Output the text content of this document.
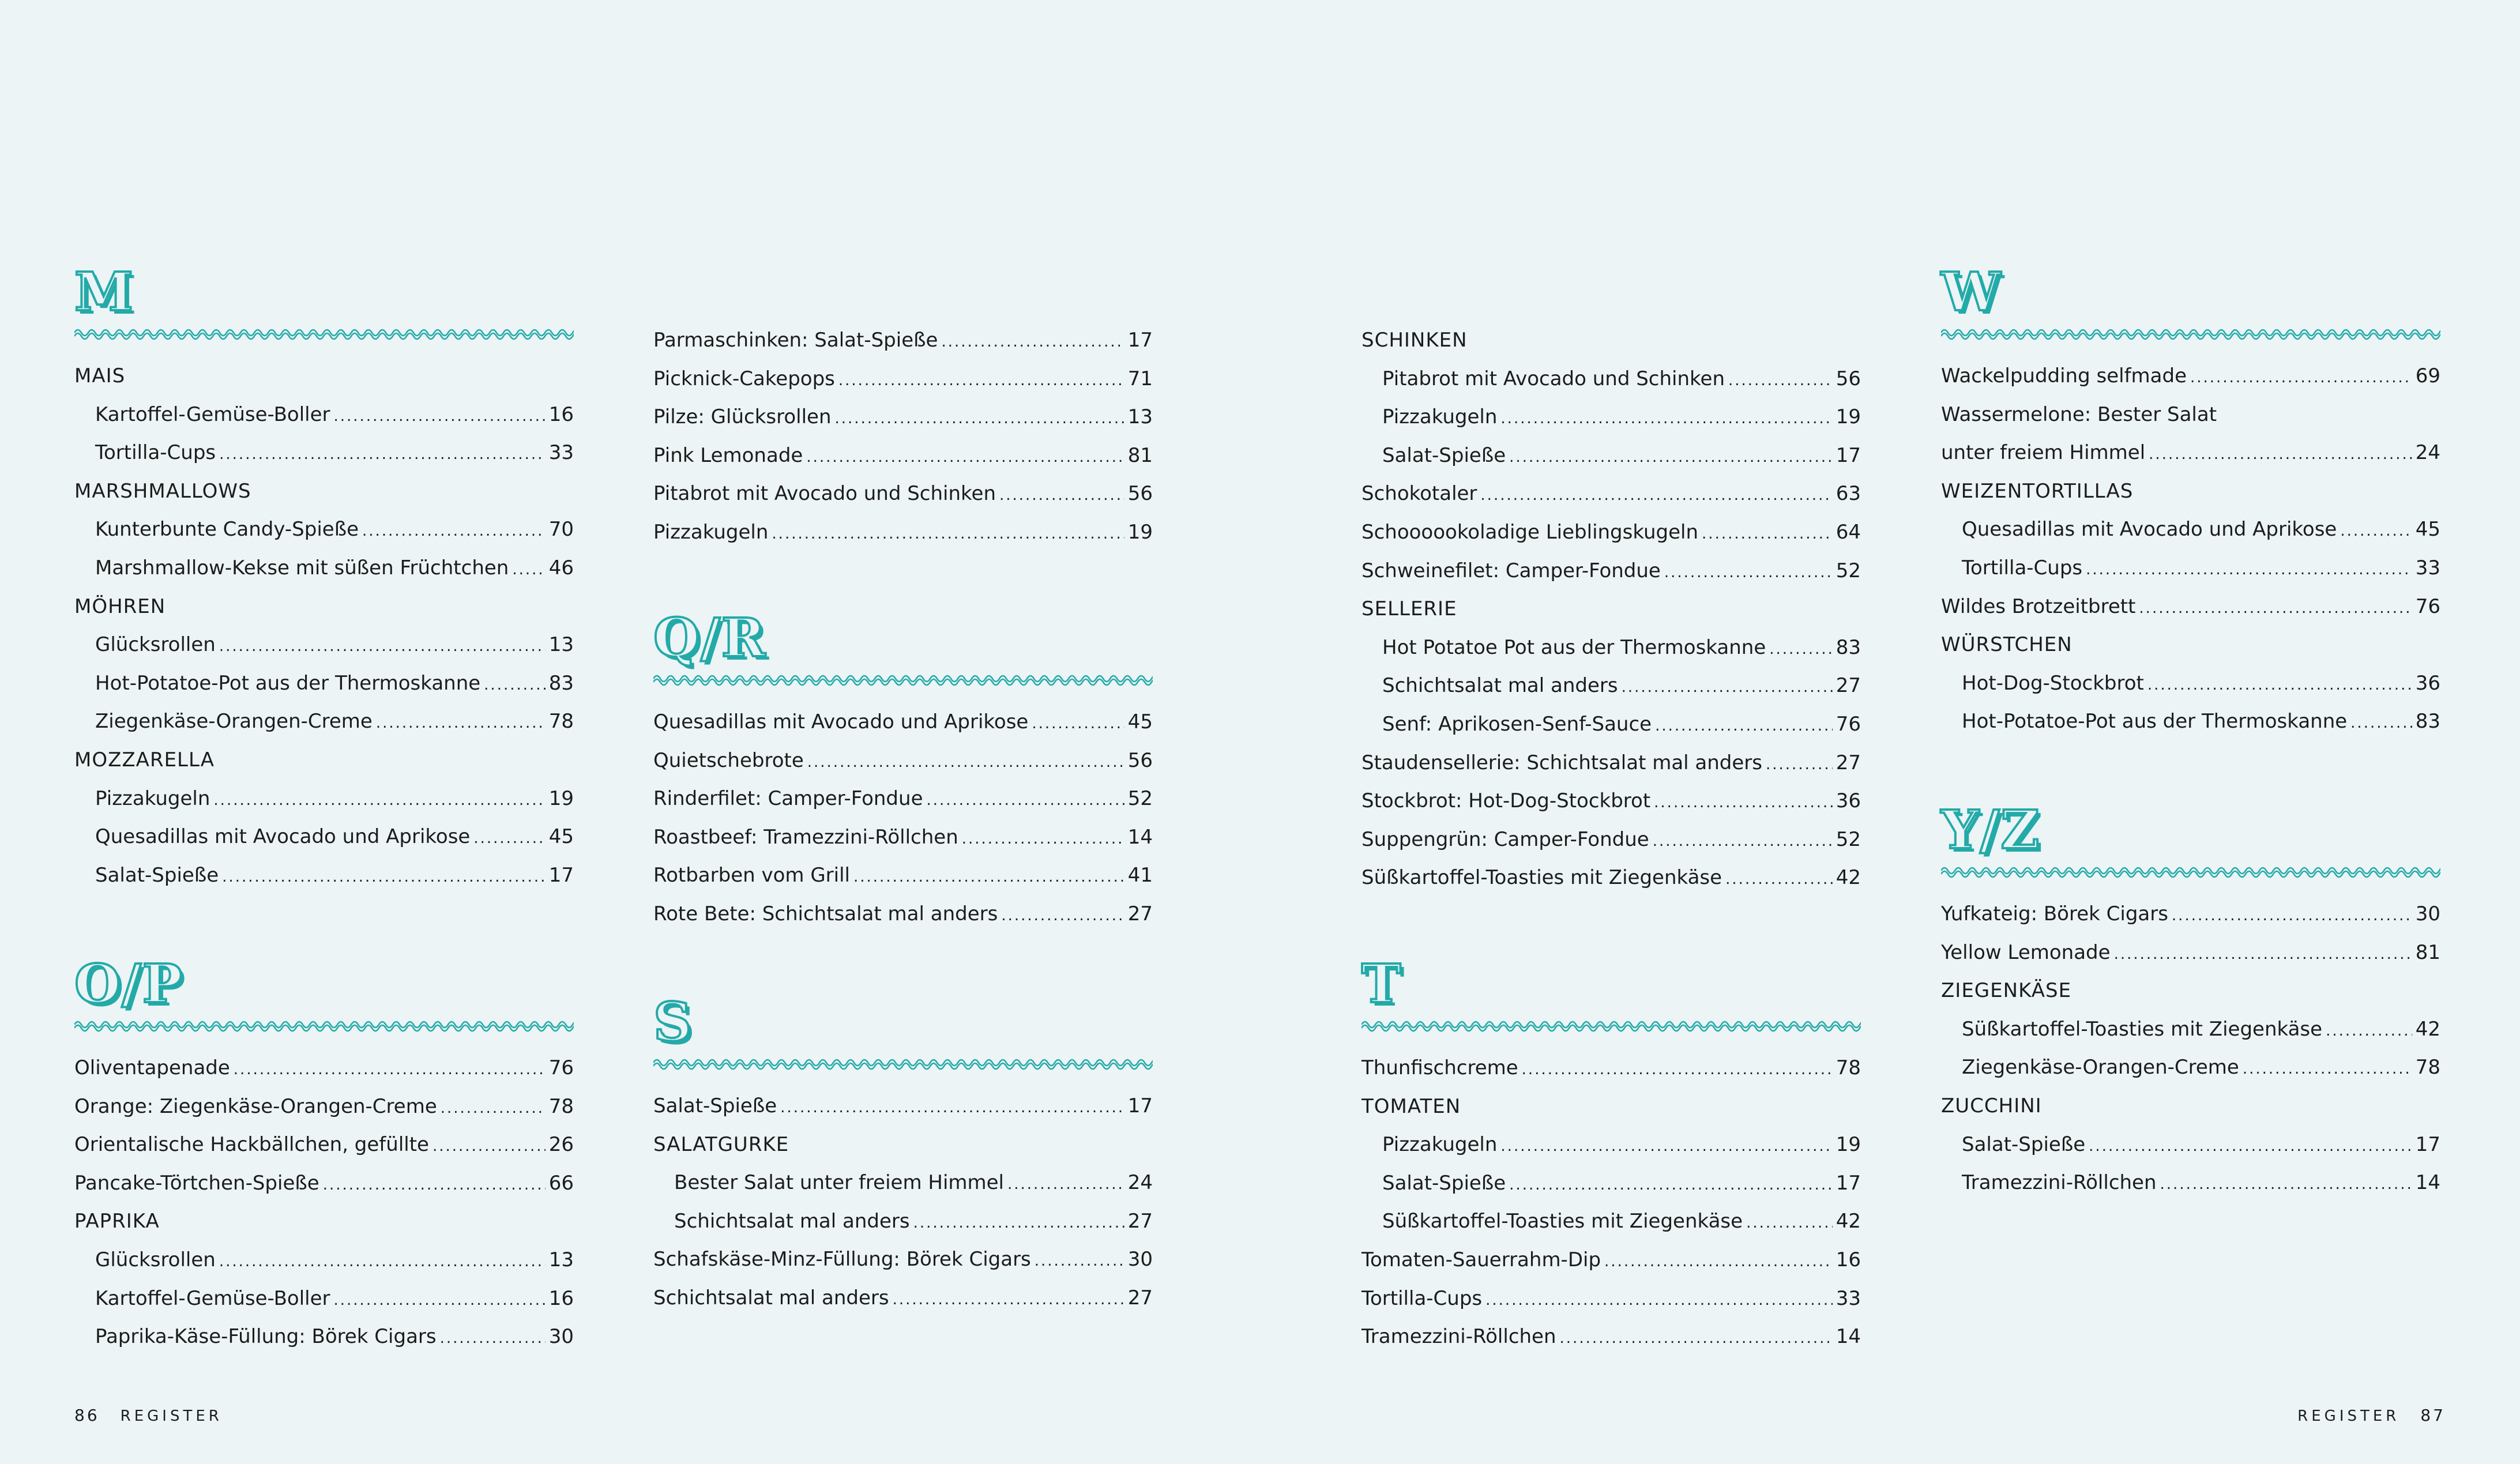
M
MAIS
Kartoffel-Gemüse-Boller .....	16
Tortilla-Cups .....	33
MARSHMALLOWS
Kunterbunte Candy-Spieße .....	70
Marshmallow-Kekse mit süßen Früchtchen ..... 46
MÖHREN
Glücksrollen .....	13
Hot-Potatoe-Pot aus der Thermoskanne .....	83
Ziegenkäse-Orangen-Creme .....	78
MOZZARELLA
Pizzakugeln .....	19
Quesadillas mit Avocado und Aprikose .....	45
Salat-Spieße .....	17
O/P
Oliventapenade .....	76
Orange: Ziegenkäse-Orangen-Creme .....	78
Orientalische Hackbällchen, gefüllte .....	26
Pancake-Törtchen-Spieße .....	66
PAPRIKA
Glücksrollen .....	13
Kartoffel-Gemüse-Boller .....	16
Paprika-Käse-Füllung: Börek Cigars .....	30
Parmaschinken: Salat-Spieße .....	17
Picknick-Cakepops .....	71
Pilze: Glücksrollen .....	13
Pink Lemonade .....	81
Pitabrot mit Avocado und Schinken .....	56
Pizzakugeln .....	19
Q/R
Quesadillas mit Avocado und Aprikose .....	45
Quietschebrote .....	56
Rinderfilet: Camper-Fondue .....	52
Roastbeef: Tramezzini-Röllchen .....	14
Rotbarben vom Grill .....	41
Rote Bete: Schichtsalat mal anders .....	27
S
Salat-Spieße .....	17
SALATGURKE
Bester Salat unter freiem Himmel .....	24
Schichtsalat mal anders .....	27
Schafskäse-Minz-Füllung: Börek Cigars .....	30
Schichtsalat mal anders .....	27
SCHINKEN
Pitabrot mit Avocado und Schinken .....	56
Pizzakugeln .....	19
Salat-Spieße .....	17
Schokotaler .....	63
Schoooookoladige Lieblingskugeln .....	64
Schweinefilet: Camper-Fondue .....	52
SELLERIE
Hot Potatoe Pot aus der Thermoskanne .....	83
Schichtsalat mal anders .....	27
Senf: Aprikosen-Senf-Sauce .....	76
Staudensellerie: Schichtsalat mal anders .....	27
Stockbrot: Hot-Dog-Stockbrot .....	36
Suppengrün: Camper-Fondue .....	52
Süßkartoffel-Toasties mit Ziegenkäse .....	42
T
Thunfischcreme .....	78
TOMATEN
Pizzakugeln .....	19
Salat-Spieße .....	17
Süßkartoffel-Toasties mit Ziegenkäse .....	42
Tomaten-Sauerrahm-Dip .....	16
Tortilla-Cups .....	33
Tramezzini-Röllchen .....	14
W
Wackelpudding selfmade .....	69
Wassermelone: Bester Salat
unter freiem Himmel .....	24
WEIZENTORTILLAS
Quesadillas mit Avocado und Aprikose .....	45
Tortilla-Cups .....	33
Wildes Brotzeitbrett .....	76
WÜRSTCHEN
Hot-Dog-Stockbrot .....	36
Hot-Potatoe-Pot aus der Thermoskanne .....	83
Y/Z
Yufkateig: Börek Cigars .....	30
Yellow Lemonade .....	81
ZIEGENKÄSE
Süßkartoffel-Toasties mit Ziegenkäse .....	42
Ziegenkäse-Orangen-Creme .....	78
ZUCCHINI
Salat-Spieße .....	17
Tramezzini-Röllchen .....	14
86 REGISTER	REGISTER 87
